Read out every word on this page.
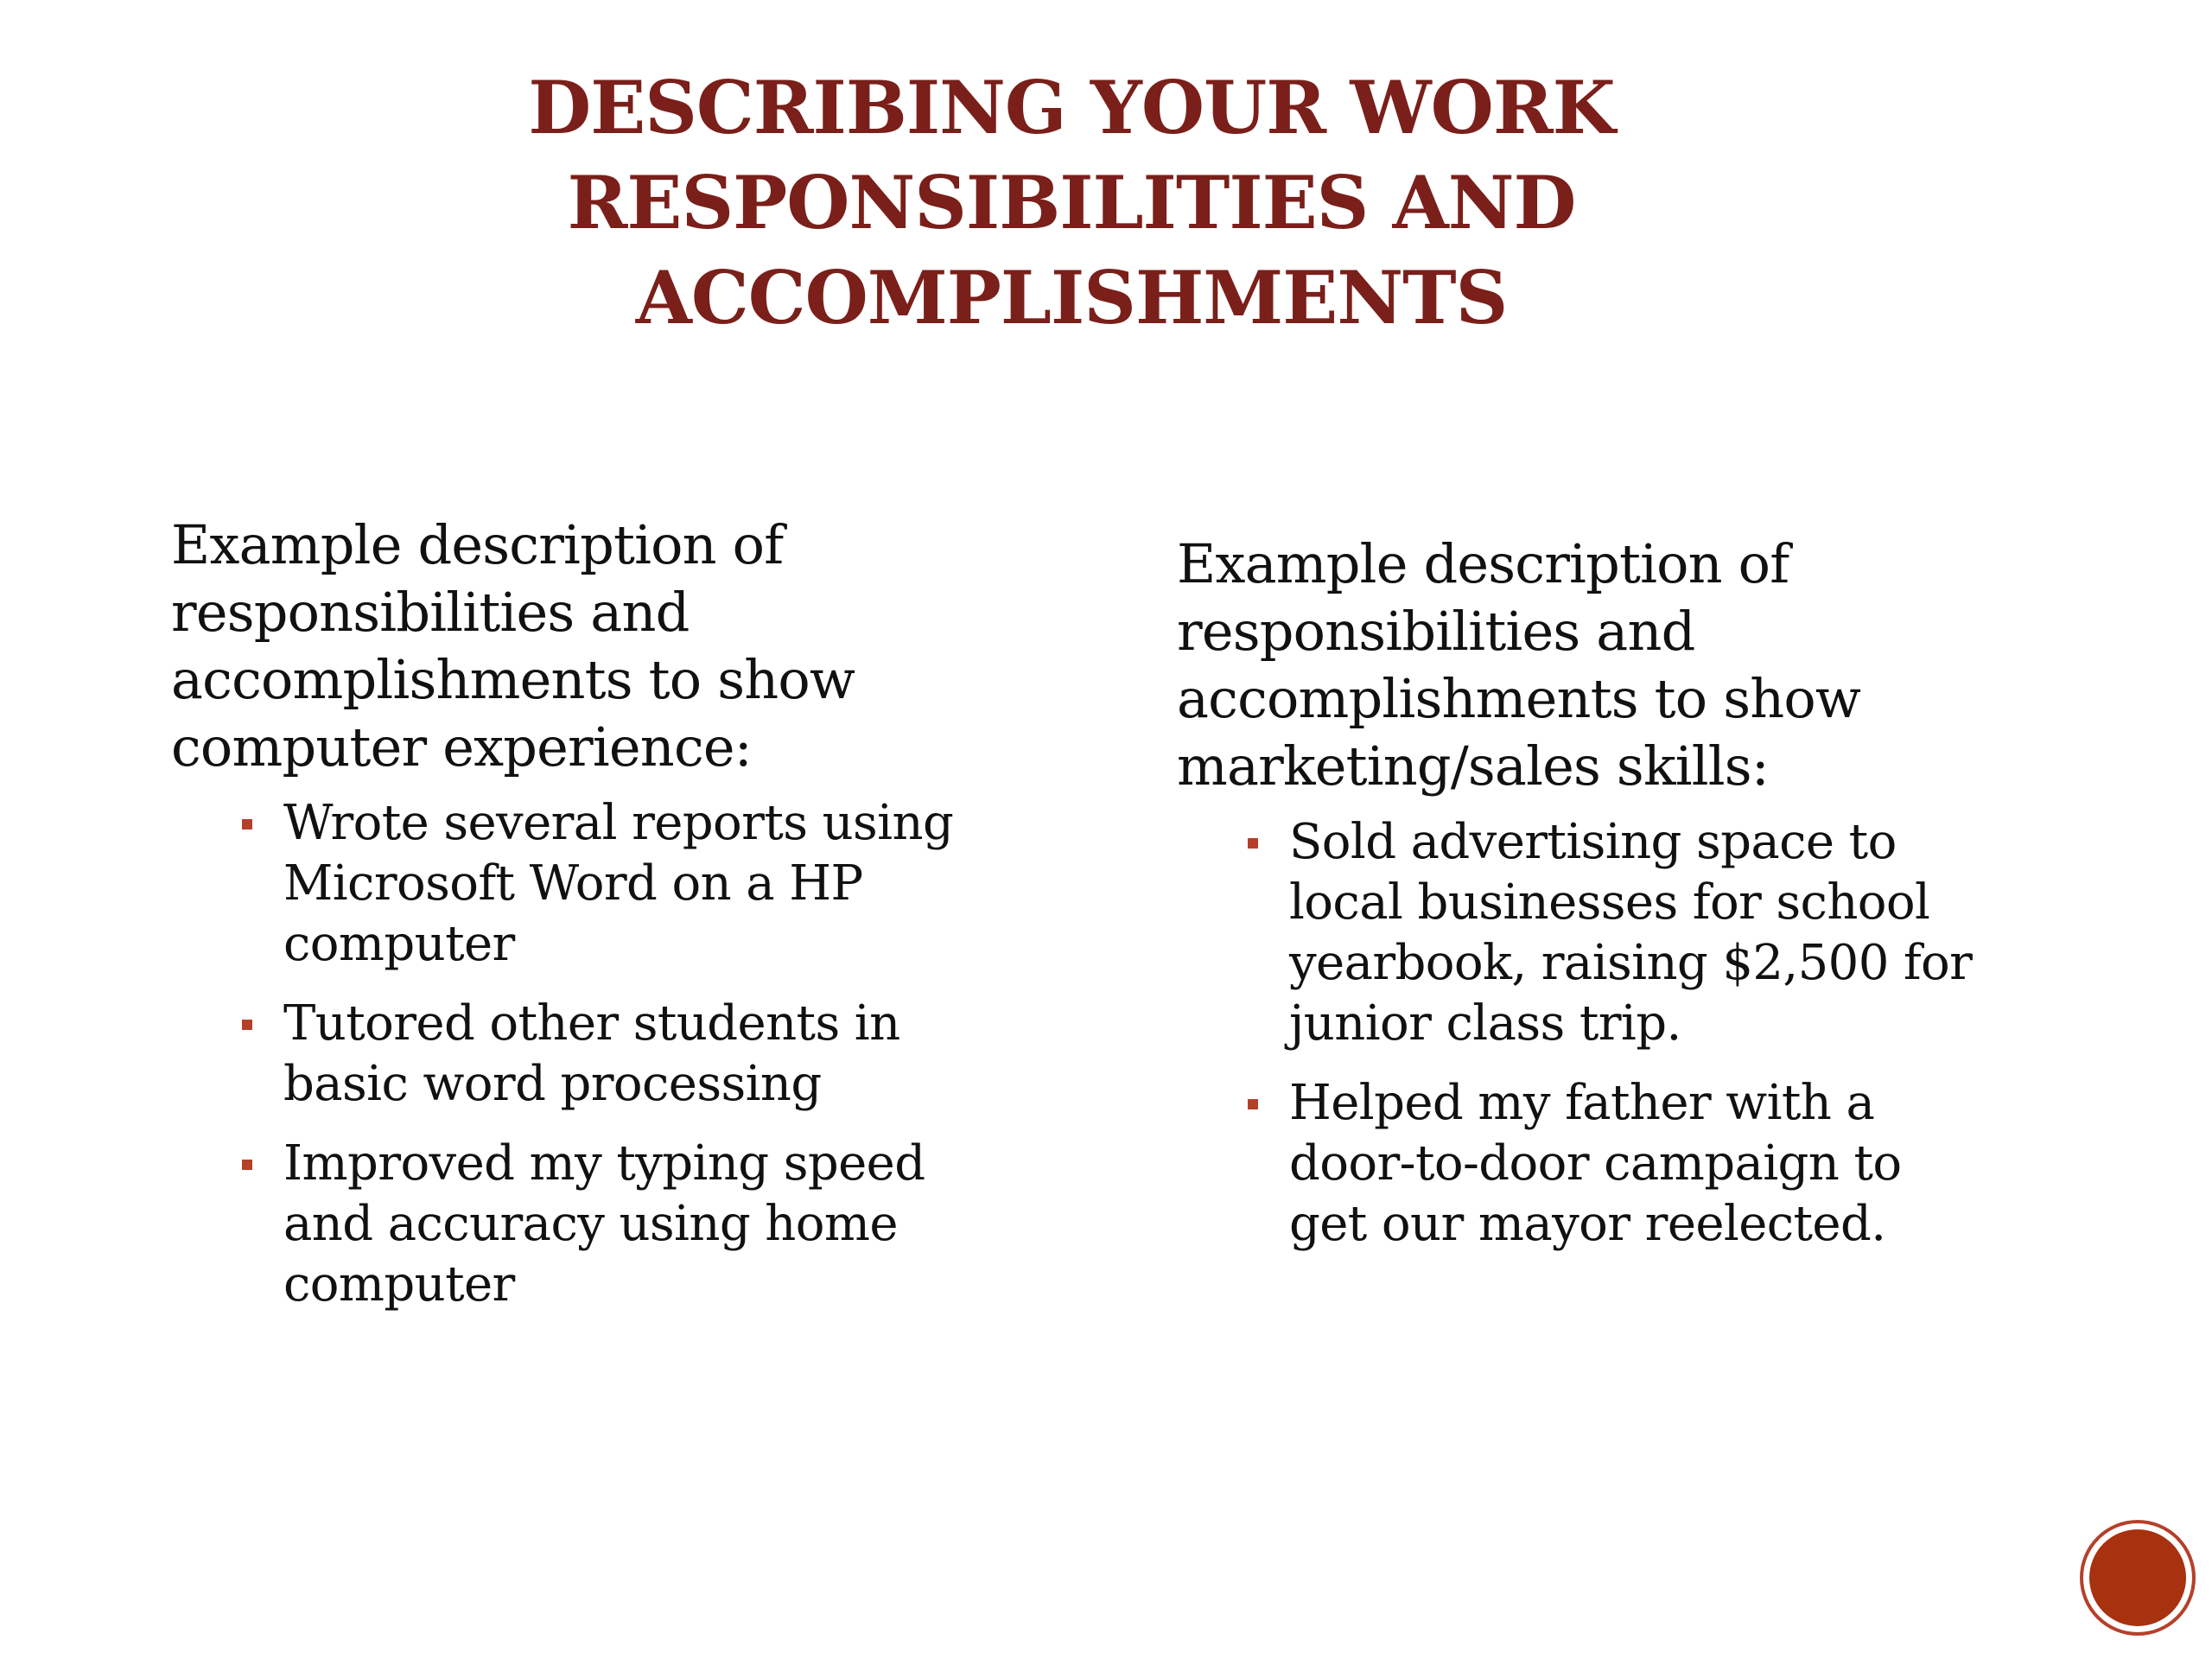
DESCRIBING YOUR WORK
RESPONSIBILITIES AND
ACCOMPLISHMENTS

Example description of
responsibilities and
accomplishments to show
computer experience:

Wrote several reports using
Microsoft Word on a HP
computer
Tutored other students in
basic word processing
Improved my typing speed
and accuracy using home
computer

Example description of
responsibilities and
accomplishments to show
marketing/sales skills:

Sold advertising space to
local businesses for school
yearbook, raising $2,500 for
junior class trip.
Helped my father with a
door-to-door campaign to
get our mayor reelected.
